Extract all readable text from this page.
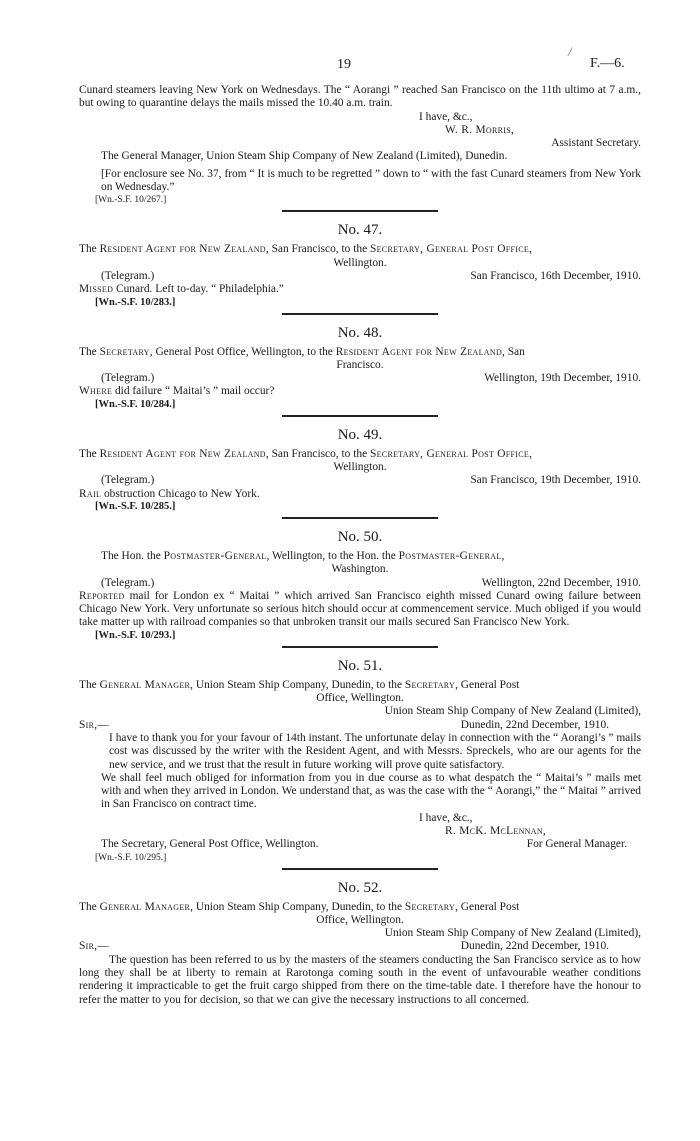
19
/
F.—6.

Cunard steamers leaving New York on Wednesdays. The “ Aorangi ” reached San Francisco on the 11th ultimo at 7 a.m., but owing to quarantine delays the mails missed the 10.40 a.m. train.

I have, &c.,

W. R. Morris,

Assistant Secretary.

The General Manager, Union Steam Ship Company of New Zealand (Limited), Dunedin.

[For enclosure see No. 37, from “ It is much to be regretted ” down to “ with the fast Cunard steamers from New York on Wednesday.”

[Wn.-S.F. 10/267.]

No. 47.

The Resident Agent for New Zealand, San Francisco, to the Secretary, General Post Office,

Wellington.

(Telegram.)	San Francisco, 16th December, 1910.

Missed Cunard. Left to-day. “ Philadelphia.”

[Wn.-S.F. 10/283.]

No. 48.

The Secretary, General Post Office, Wellington, to the Resident Agent for New Zealand, San

Francisco.

(Telegram.)	Wellington, 19th December, 1910.

Where did failure “ Maitai’s ” mail occur?

[Wn.-S.F. 10/284.]

No. 49.

The Resident Agent for New Zealand, San Francisco, to the Secretary, General Post Office,

Wellington.

(Telegram.)	San Francisco, 19th December, 1910.

Rail obstruction Chicago to New York.

[Wn.-S.F. 10/285.]

No. 50.

The Hon. the Postmaster-General, Wellington, to the Hon. the Postmaster-General,

Washington.

(Telegram.)	Wellington, 22nd December, 1910.

Reported mail for London ex “ Maitai ” which arrived San Francisco eighth missed Cunard owing failure between Chicago New York. Very unfortunate so serious hitch should occur at commencement service. Much obliged if you would take matter up with railroad companies so that unbroken transit our mails secured San Francisco New York.

[Wn.-S.F. 10/293.]

No. 51.

The General Manager, Union Steam Ship Company, Dunedin, to the Secretary, General Post

Office, Wellington.

Union Steam Ship Company of New Zealand (Limited),

Sir,—	Dunedin, 22nd December, 1910.

I have to thank you for your favour of 14th instant. The unfortunate delay in connection with the “ Aorangi’s ” mails cost was discussed by the writer with the Resident Agent, and with Messrs. Spreckels, who are our agents for the new service, and we trust that the result in future working will prove quite satisfactory.

We shall feel much obliged for information from you in due course as to what despatch the “ Maitai’s ” mails met with and when they arrived in London. We understand that, as was the case with the “ Aorangi,” the “ Maitai ” arrived in San Francisco on contract time.

I have, &c.,

R. McK. McLennan,

The Secretary, General Post Office, Wellington.	For General Manager.

[Wn.-S.F. 10/295.]

No. 52.

The General Manager, Union Steam Ship Company, Dunedin, to the Secretary, General Post

Office, Wellington.

Union Steam Ship Company of New Zealand (Limited),

Sir,—	Dunedin, 22nd December, 1910.

The question has been referred to us by the masters of the steamers conducting the San Francisco service as to how long they shall be at liberty to remain at Rarotonga coming south in the event of unfavourable weather conditions rendering it impracticable to get the fruit cargo shipped from there on the time-table date. I therefore have the honour to refer the matter to you for decision, so that we can give the necessary instructions to all concerned.
